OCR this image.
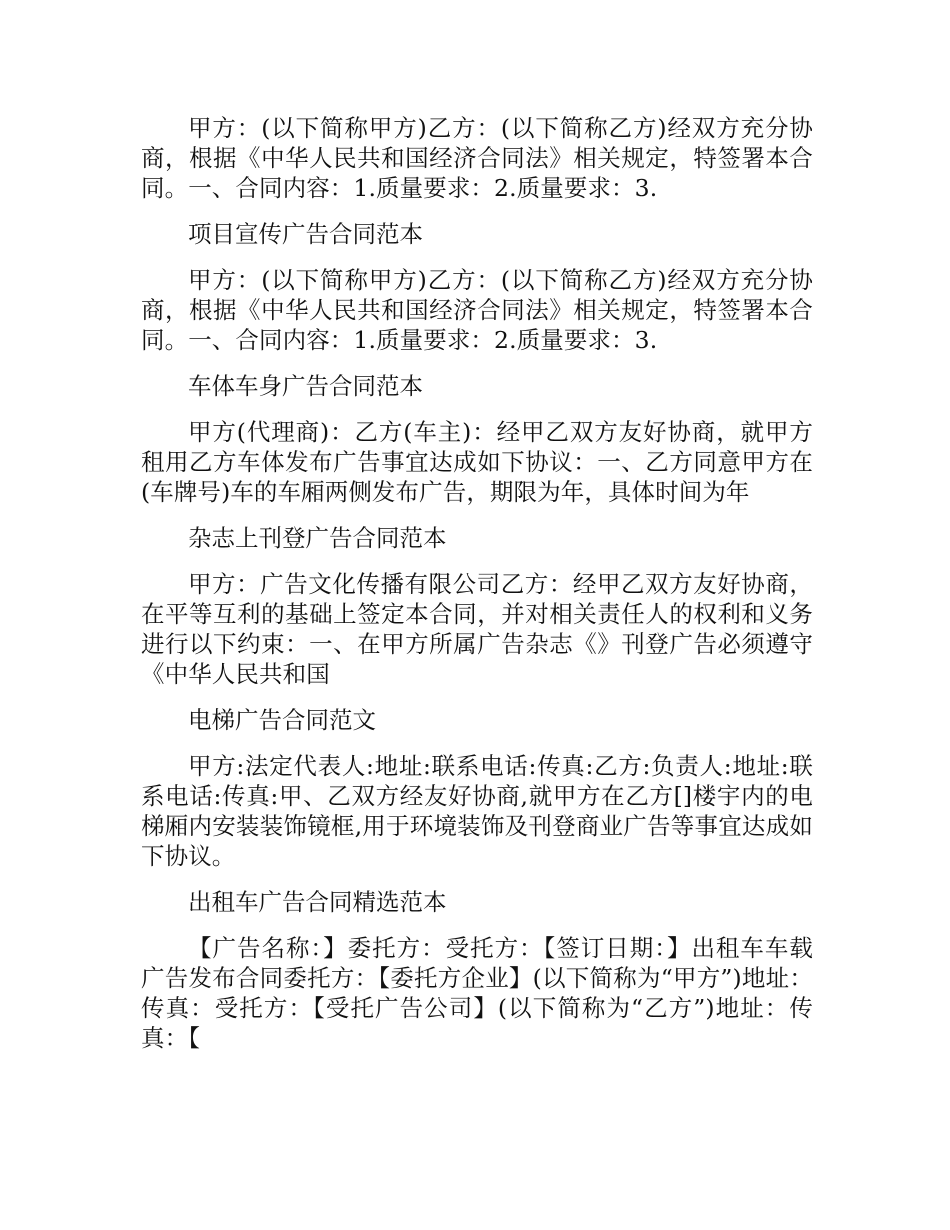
甲方：(以下简称甲方)乙方：(以下简称乙方)经双方充分协商，根据《中华人民共和国经济合同法》相关规定，特签署本合同。一、合同内容：1.质量要求：2.质量要求：3.

项目宣传广告合同范本

甲方：(以下简称甲方)乙方：(以下简称乙方)经双方充分协商，根据《中华人民共和国经济合同法》相关规定，特签署本合同。一、合同内容：1.质量要求：2.质量要求：3.

车体车身广告合同范本

甲方(代理商)：乙方(车主)：经甲乙双方友好协商，就甲方租用乙方车体发布广告事宜达成如下协议：一、乙方同意甲方在(车牌号)车的车厢两侧发布广告，期限为年，具体时间为年

杂志上刊登广告合同范本

甲方：广告文化传播有限公司乙方：经甲乙双方友好协商，在平等互利的基础上签定本合同，并对相关责任人的权利和义务进行以下约束：一、在甲方所属广告杂志《》刊登广告必须遵守《中华人民共和国

电梯广告合同范文

甲方:法定代表人:地址:联系电话:传真:乙方:负责人:地址:联系电话:传真:甲、乙双方经友好协商,就甲方在乙方[]楼宇内的电梯厢内安装装饰镜框,用于环境装饰及刊登商业广告等事宜达成如下协议。

出租车广告合同精选范本

【广告名称：】委托方：受托方：【签订日期：】出租车车载广告发布合同委托方：【委托方企业】(以下简称为“甲方”)地址：传真：受托方：【受托广告公司】(以下简称为“乙方”)地址：传真：【
